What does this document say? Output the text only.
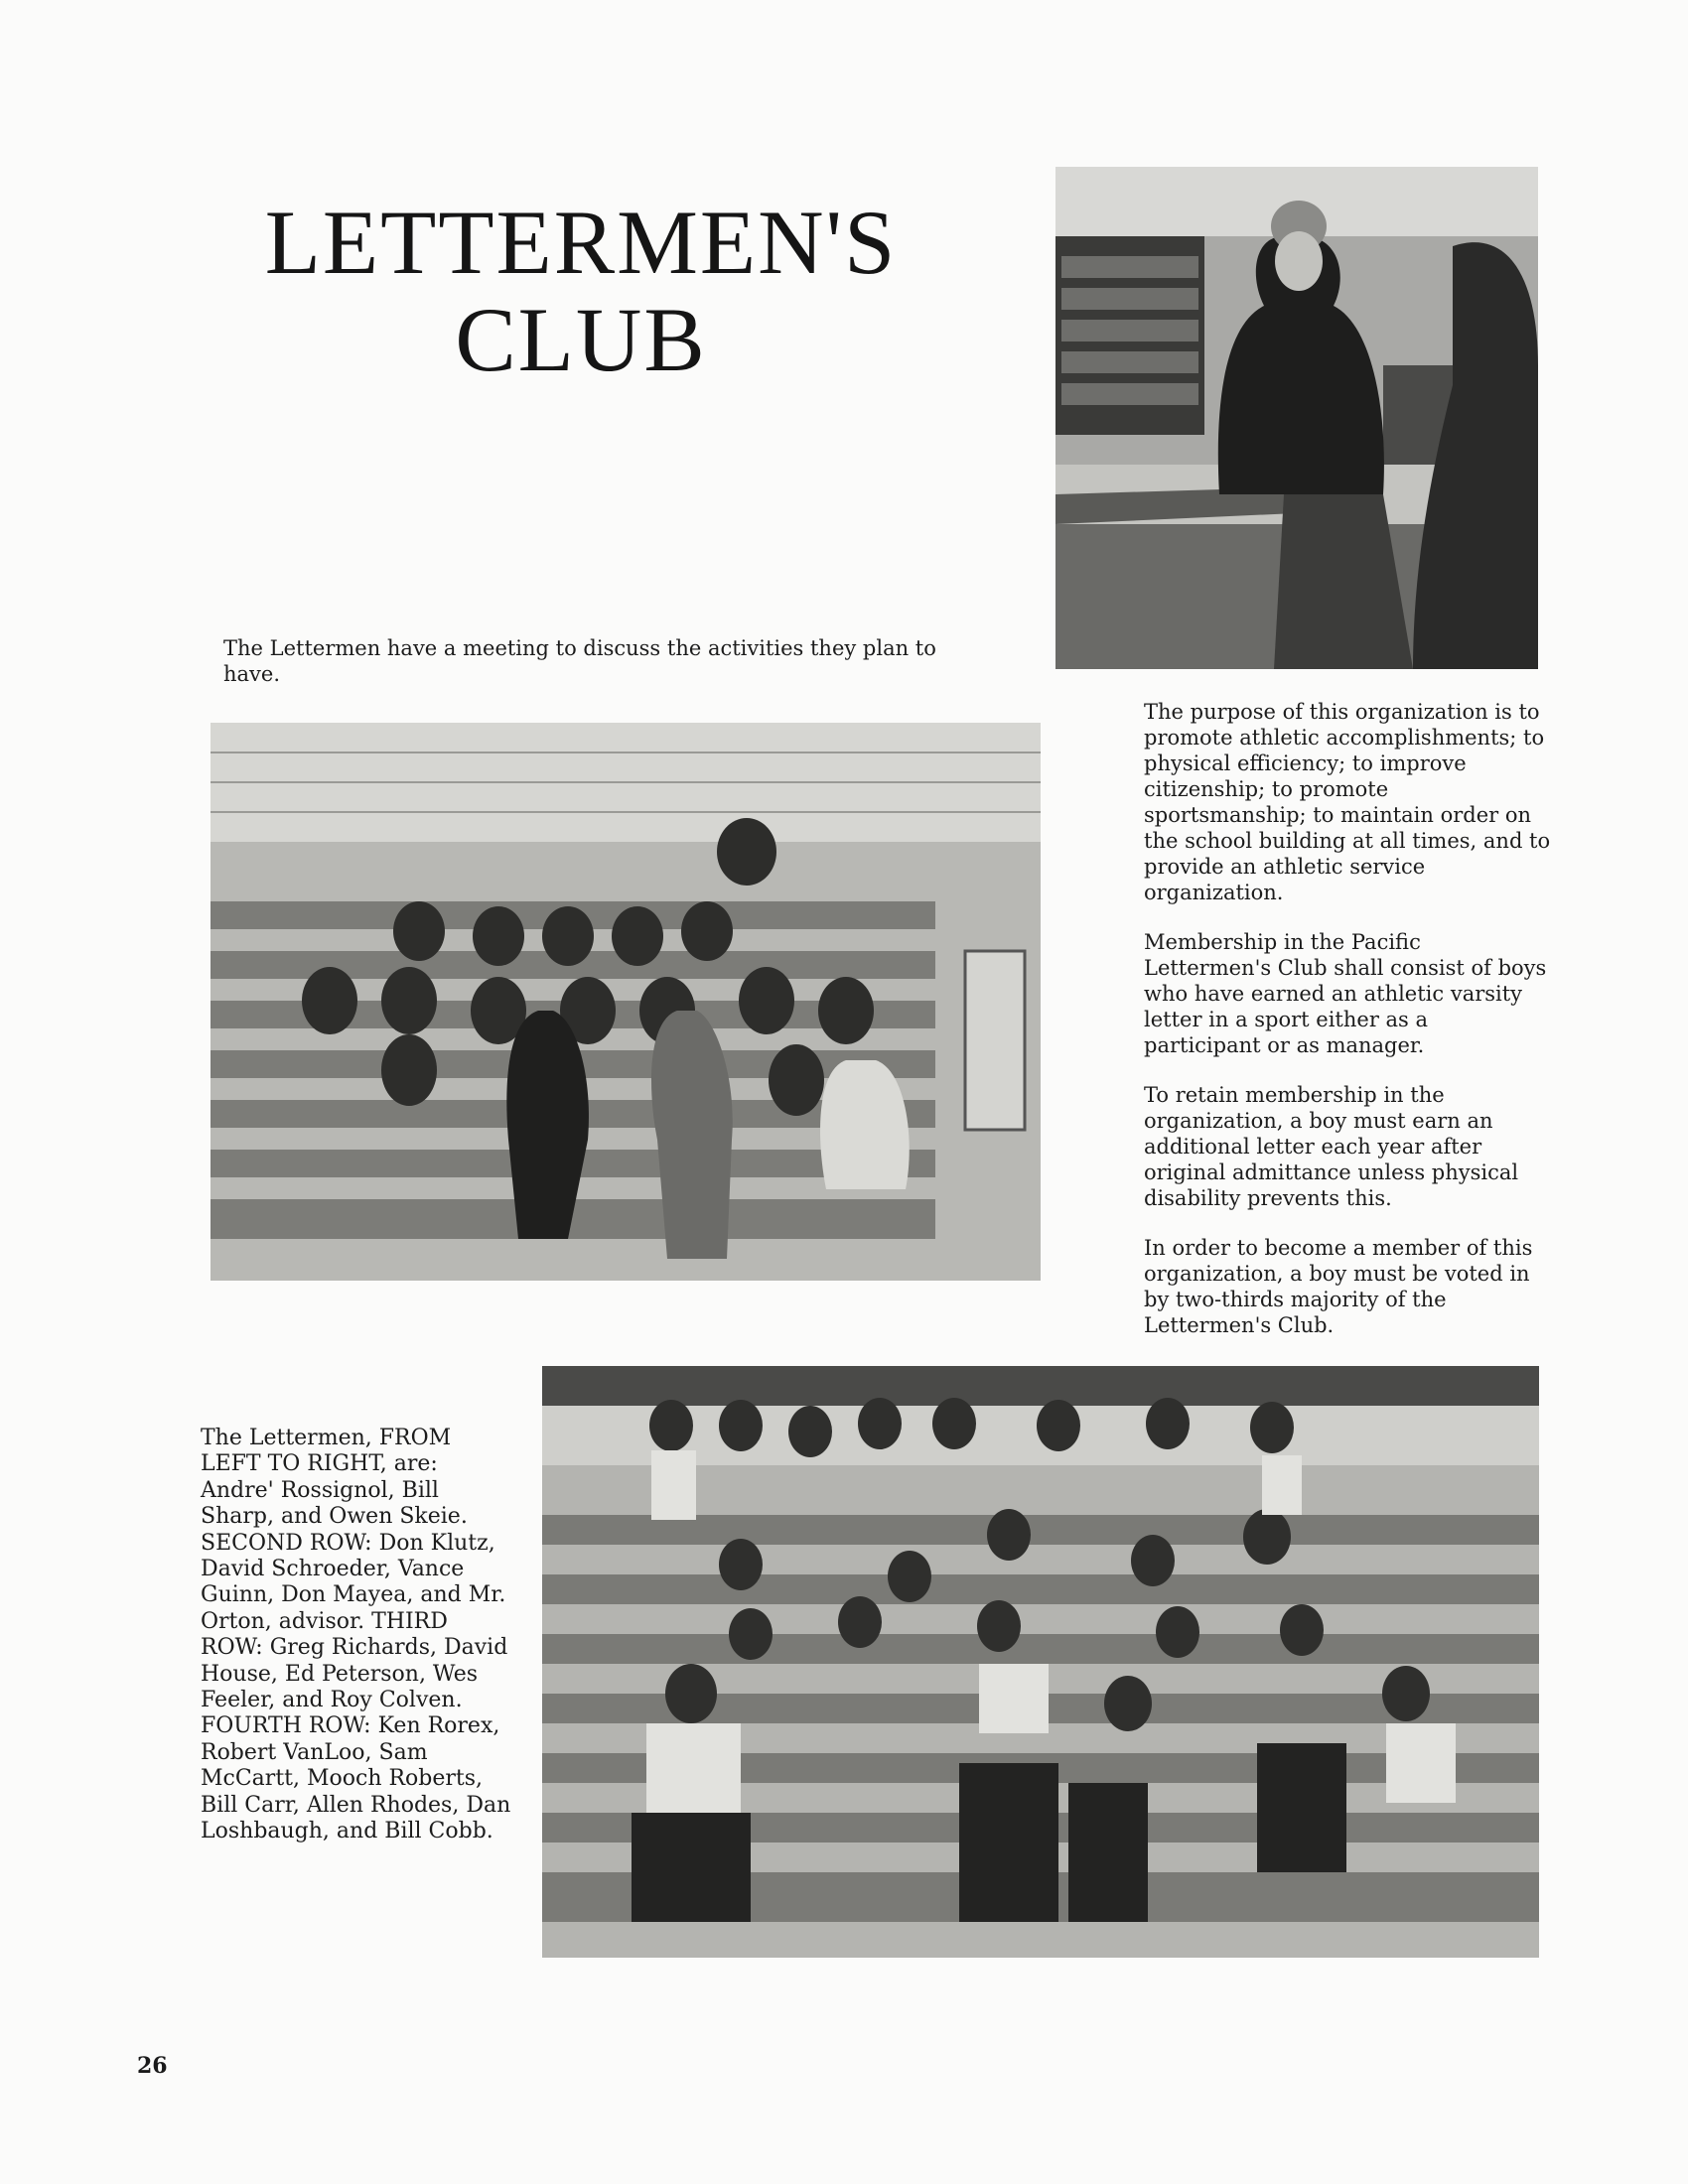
LETTERMEN'S
CLUB
The Lettermen have a meeting to discuss the activities they plan to have.

The purpose of this organization is to promote athletic accomplishments; to physical efficiency; to improve citizenship; to promote sportsmanship; to maintain order on the school building at all times, and to provide an athletic service organization.

Membership in the Pacific Lettermen's Club shall consist of boys who have earned an athletic varsity letter in a sport either as a participant or as manager.

To retain membership in the organization, a boy must earn an additional letter each year after original admittance unless physical disability prevents this.

In order to become a member of this organization, a boy must be voted in by two-thirds majority of the Lettermen's Club.

The Lettermen, FROM LEFT TO RIGHT, are: Andre' Rossignol, Bill Sharp, and Owen Skeie. SECOND ROW: Don Klutz, David Schroeder, Vance Guinn, Don Mayea, and Mr. Orton, advisor. THIRD ROW: Greg Richards, David House, Ed Peterson, Wes Feeler, and Roy Colven. FOURTH ROW: Ken Rorex, Robert VanLoo, Sam McCartt, Mooch Roberts, Bill Carr, Allen Rhodes, Dan Loshbaugh, and Bill Cobb.
26
